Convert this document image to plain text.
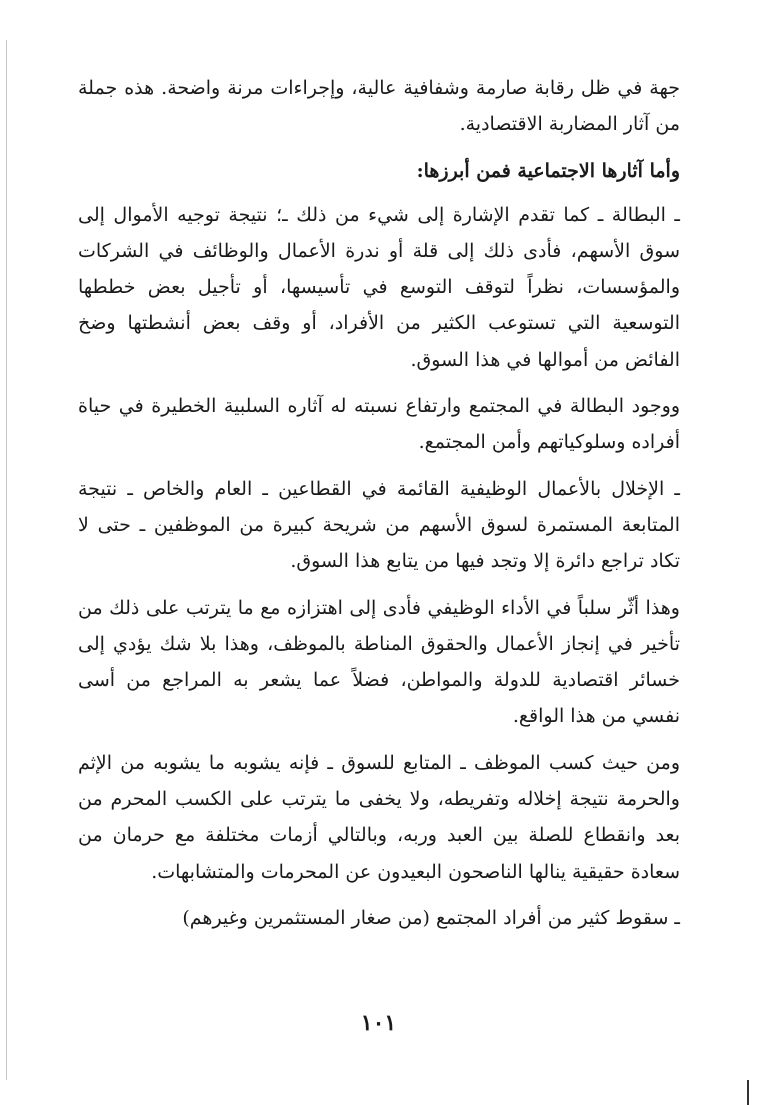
جهة في ظل رقابة صارمة وشفافية عالية، وإجراءات مرنة واضحة. هذه جملة من آثار المضاربة الاقتصادية.

وأما آثارها الاجتماعية فمن أبرزها:

ـ البطالة ـ كما تقدم الإشارة إلى شيء من ذلك ـ؛ نتيجة توجيه الأموال إلى سوق الأسهم، فأدى ذلك إلى قلة أو ندرة الأعمال والوظائف في الشركات والمؤسسات، نظراً لتوقف التوسع في تأسيسها، أو تأجيل بعض خططها التوسعية التي تستوعب الكثير من الأفراد، أو وقف بعض أنشطتها وضخ الفائض من أموالها في هذا السوق.

ووجود البطالة في المجتمع وارتفاع نسبته له آثاره السلبية الخطيرة في حياة أفراده وسلوكياتهم وأمن المجتمع.

ـ الإخلال بالأعمال الوظيفية القائمة في القطاعين ـ العام والخاص ـ نتيجة المتابعة المستمرة لسوق الأسهم من شريحة كبيرة من الموظفين ـ حتى لا تكاد تراجع دائرة إلا وتجد فيها من يتابع هذا السوق.

وهذا أثّر سلباً في الأداء الوظيفي فأدى إلى اهتزازه مع ما يترتب على ذلك من تأخير في إنجاز الأعمال والحقوق المناطة بالموظف، وهذا بلا شك يؤدي إلى خسائر اقتصادية للدولة والمواطن، فضلاً عما يشعر به المراجع من أسى نفسي من هذا الواقع.

ومن حيث كسب الموظف ـ المتابع للسوق ـ فإنه يشوبه ما يشوبه من الإثم والحرمة نتيجة إخلاله وتفريطه، ولا يخفى ما يترتب على الكسب المحرم من بعد وانقطاع للصلة بين العبد وربه، وبالتالي أزمات مختلفة مع حرمان من سعادة حقيقية ينالها الناصحون البعيدون عن المحرمات والمتشابهات.

ـ سقوط كثير من أفراد المجتمع (من صغار المستثمرين وغيرهم)

١٠١
